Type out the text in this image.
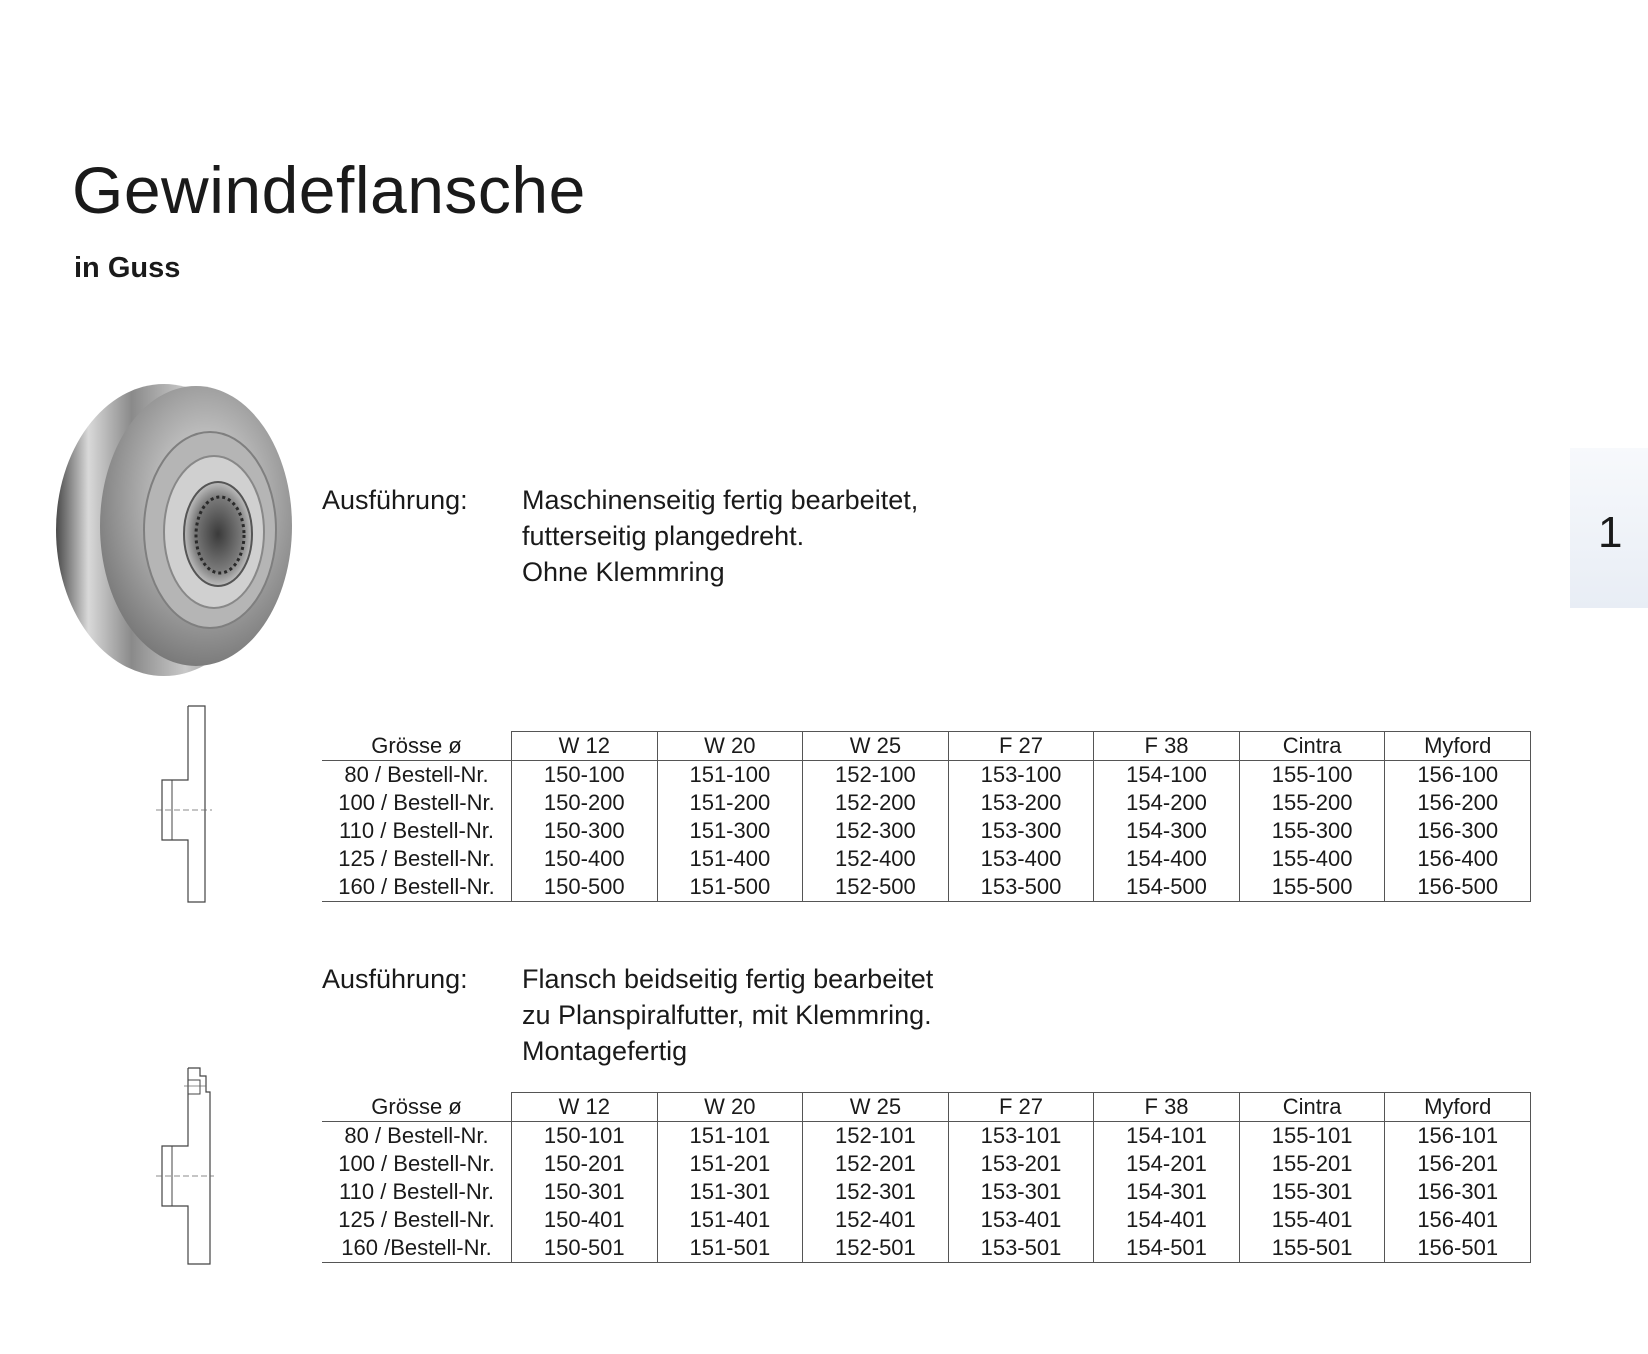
Gewindeflansche
in Guss
1
Ausführung: Maschinenseitig fertig bearbeitet,
futterseitig plangedreht.
Ohne Klemmring
Grösse ø	W 12	W 20	W 25	F 27	F 38	Cintra	Myford
80 / Bestell-Nr.	150-100	151-100	152-100	153-100	154-100	155-100	156-100
100 / Bestell-Nr.	150-200	151-200	152-200	153-200	154-200	155-200	156-200
110 / Bestell-Nr.	150-300	151-300	152-300	153-300	154-300	155-300	156-300
125 / Bestell-Nr.	150-400	151-400	152-400	153-400	154-400	155-400	156-400
160 / Bestell-Nr.	150-500	151-500	152-500	153-500	154-500	155-500	156-500
Ausführung: Flansch beidseitig fertig bearbeitet
zu Planspiralfutter, mit Klemmring.
Montagefertig
Grösse ø	W 12	W 20	W 25	F 27	F 38	Cintra	Myford
80 / Bestell-Nr.	150-101	151-101	152-101	153-101	154-101	155-101	156-101
100 / Bestell-Nr.	150-201	151-201	152-201	153-201	154-201	155-201	156-201
110 / Bestell-Nr.	150-301	151-301	152-301	153-301	154-301	155-301	156-301
125 / Bestell-Nr.	150-401	151-401	152-401	153-401	154-401	155-401	156-401
160 /Bestell-Nr.	150-501	151-501	152-501	153-501	154-501	155-501	156-501
